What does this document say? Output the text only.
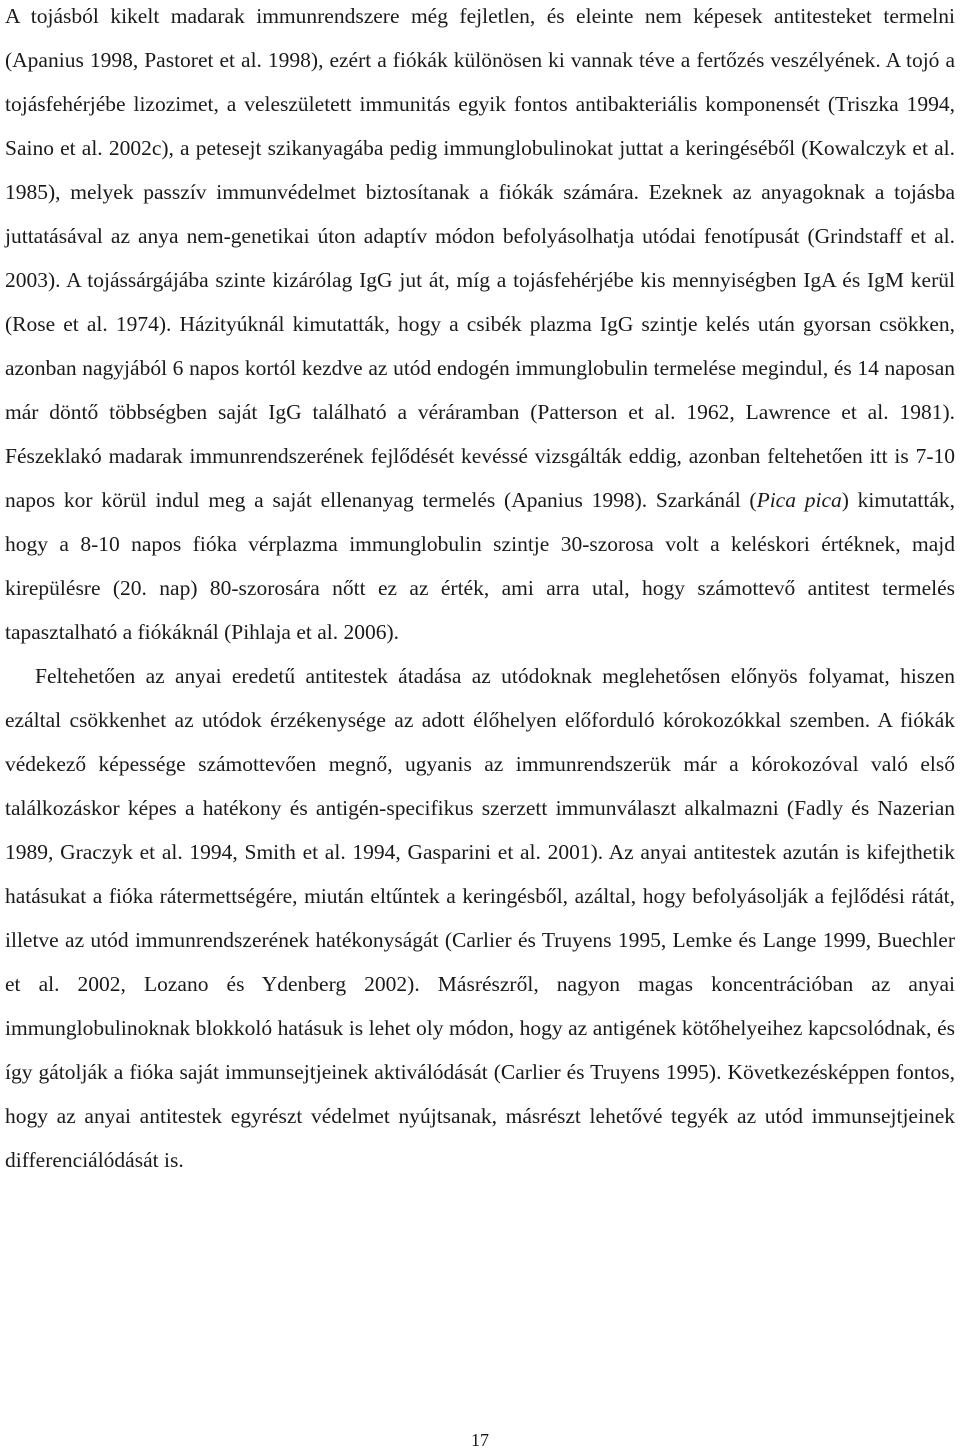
A tojásból kikelt madarak immunrendszere még fejletlen, és eleinte nem képesek antitesteket termelni (Apanius 1998, Pastoret et al. 1998), ezért a fiókák különösen ki vannak téve a fertőzés veszélyének. A tojó a tojásfehérjébe lizozimet, a veleszületett immunitás egyik fontos antibakteriális komponensét (Triszka 1994, Saino et al. 2002c), a petesejt szikanyagába pedig immunglobulinokat juttat a keringéséből (Kowalczyk et al. 1985), melyek passzív immunvédelmet biztosítanak a fiókák számára. Ezeknek az anyagoknak a tojásba juttatásával az anya nem-genetikai úton adaptív módon befolyásolhatja utódai fenotípusát (Grindstaff et al. 2003). A tojássárgájába szinte kizárólag IgG jut át, míg a tojásfehérjébe kis mennyiségben IgA és IgM kerül (Rose et al. 1974). Házityúknál kimutatták, hogy a csibék plazma IgG szintje kelés után gyorsan csökken, azonban nagyjából 6 napos kortól kezdve az utód endogén immunglobulin termelése megindul, és 14 naposan már döntő többségben saját IgG található a véráramban (Patterson et al. 1962, Lawrence et al. 1981). Fészeklakó madarak immunrendszerének fejlődését kevéssé vizsgálták eddig, azonban feltehetően itt is 7-10 napos kor körül indul meg a saját ellenanyag termelés (Apanius 1998). Szarkánál (Pica pica) kimutatták, hogy a 8-10 napos fióka vérplazma immunglobulin szintje 30-szorosa volt a keléskori értéknek, majd kirepülésre (20. nap) 80-szorosára nőtt ez az érték, ami arra utal, hogy számottevő antitest termelés tapasztalható a fiókáknál (Pihlaja et al. 2006).

Feltehetően az anyai eredetű antitestek átadása az utódoknak meglehetősen előnyös folyamat, hiszen ezáltal csökkenhet az utódok érzékenysége az adott élőhelyen előforduló kórokozókkal szemben. A fiókák védekező képessége számottevően megnő, ugyanis az immunrendszerük már a kórokozóval való első találkozáskor képes a hatékony és antigén-specifikus szerzett immunválaszt alkalmazni (Fadly és Nazerian 1989, Graczyk et al. 1994, Smith et al. 1994, Gasparini et al. 2001). Az anyai antitestek azután is kifejthetik hatásukat a fióka rátermettségére, miután eltűntek a keringésből, azáltal, hogy befolyásolják a fejlődési rátát, illetve az utód immunrendszerének hatékonyságát (Carlier és Truyens 1995, Lemke és Lange 1999, Buechler et al. 2002, Lozano és Ydenberg 2002). Másrészről, nagyon magas koncentrációban az anyai immunglobulinoknak blokkoló hatásuk is lehet oly módon, hogy az antigének kötőhelyeihez kapcsolódnak, és így gátolják a fióka saját immunsejtjeinek aktiválódását (Carlier és Truyens 1995). Következésképpen fontos, hogy az anyai antitestek egyrészt védelmet nyújtsanak, másrészt lehetővé tegyék az utód immunsejtjeinek differenciálódását is.

17
